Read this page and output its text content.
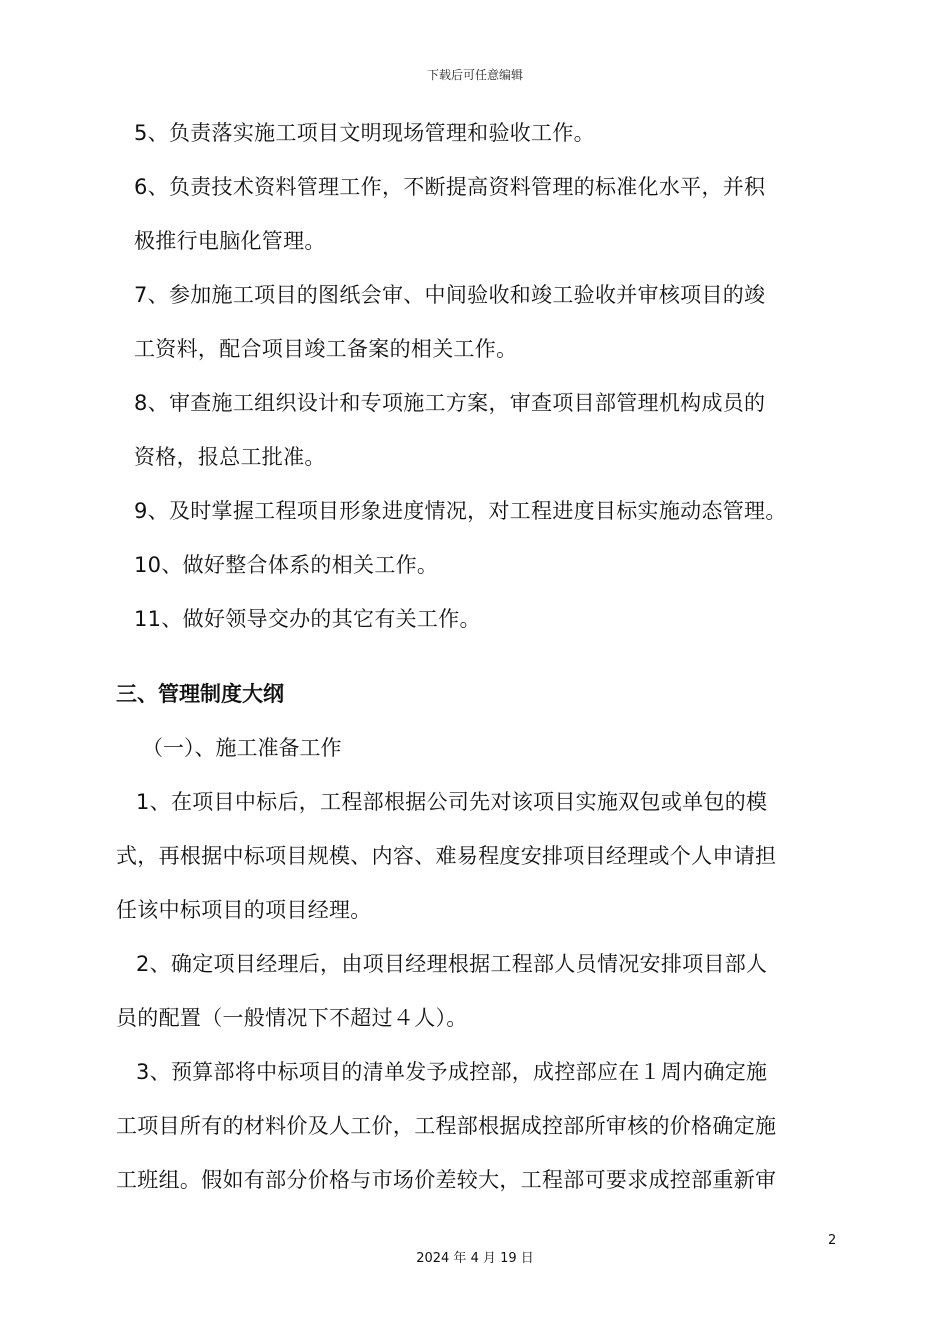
下载后可任意编辑
5、负责落实施工项目文明现场管理和验收工作。
6、负责技术资料管理工作，不断提高资料管理的标准化水平，并积
极推行电脑化管理。
7、参加施工项目的图纸会审、中间验收和竣工验收并审核项目的竣
工资料，配合项目竣工备案的相关工作。
8、审查施工组织设计和专项施工方案，审查项目部管理机构成员的
资格，报总工批准。
9、及时掌握工程项目形象进度情况，对工程进度目标实施动态管理。
10、做好整合体系的相关工作。
11、做好领导交办的其它有关工作。
三、管理制度大纲
（一）、施工准备工作
1、在项目中标后，工程部根据公司先对该项目实施双包或单包的模
式，再根据中标项目规模、内容、难易程度安排项目经理或个人申请担
任该中标项目的项目经理。
2、确定项目经理后，由项目经理根据工程部人员情况安排项目部人
员的配置（一般情况下不超过４人）。
3、预算部将中标项目的清单发予成控部，成控部应在１周内确定施
工项目所有的材料价及人工价，工程部根据成控部所审核的价格确定施
工班组。假如有部分价格与市场价差较大，工程部可要求成控部重新审
2
2024 年 4 月 19 日
